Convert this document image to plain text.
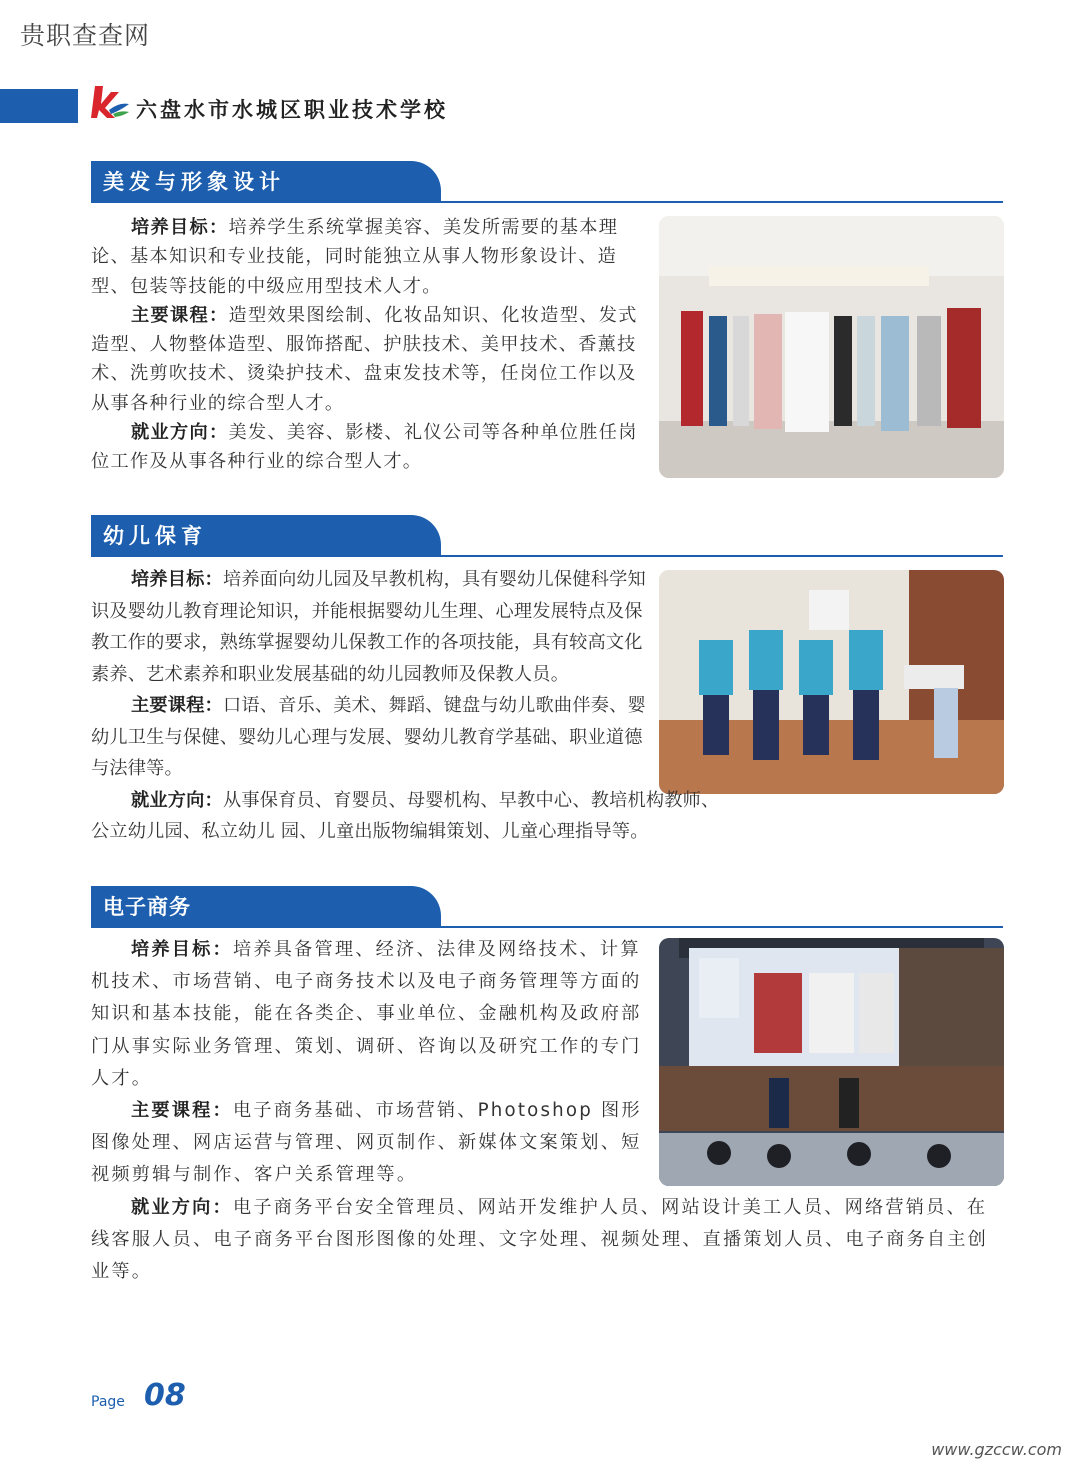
贵职查查网
六盘水市水城区职业技术学校
美发与形象设计

培养目标：培养学生系统掌握美容、美发所需要的基本理论、基本知识和专业技能，同时能独立从事人物形象设计、造型、包装等技能的中级应用型技术人才。

主要课程：造型效果图绘制、化妆品知识、化妆造型、发式造型、人物整体造型、服饰搭配、护肤技术、美甲技术、香薰技术、洗剪吹技术、烫染护技术、盘束发技术等，任岗位工作以及从事各种行业的综合型人才。

就业方向：美发、美容、影楼、礼仪公司等各种单位胜任岗位工作及从事各种行业的综合型人才。

幼儿保育

培养目标：培养面向幼儿园及早教机构，具有婴幼儿保健科学知识及婴幼儿教育理论知识，并能根据婴幼儿生理、心理发展特点及保教工作的要求，熟练掌握婴幼儿保教工作的各项技能，具有较高文化素养、艺术素养和职业发展基础的幼儿园教师及保教人员。

主要课程：口语、音乐、美术、舞蹈、键盘与幼儿歌曲伴奏、婴幼儿卫生与保健、婴幼儿心理与发展、婴幼儿教育学基础、职业道德与法律等。

就业方向：从事保育员、育婴员、母婴机构、早教中心、教培机构教师、公立幼儿园、私立幼儿 园、儿童出版物编辑策划、儿童心理指导等。

电子商务

培养目标：培养具备管理、经济、法律及网络技术、计算机技术、市场营销、电子商务技术以及电子商务管理等方面的知识和基本技能，能在各类企、事业单位、金融机构及政府部门从事实际业务管理、策划、调研、咨询以及研究工作的专门人才。

主要课程：电子商务基础、市场营销、Photoshop 图形图像处理、网店运营与管理、网页制作、新媒体文案策划、短视频剪辑与制作、客户关系管理等。

就业方向：电子商务平台安全管理员、网站开发维护人员、网站设计美工人员、网络营销员、在线客服人员、电子商务平台图形图像的处理、文字处理、视频处理、直播策划人员、电子商务自主创业等。

Page 08
www.gzccw.com
